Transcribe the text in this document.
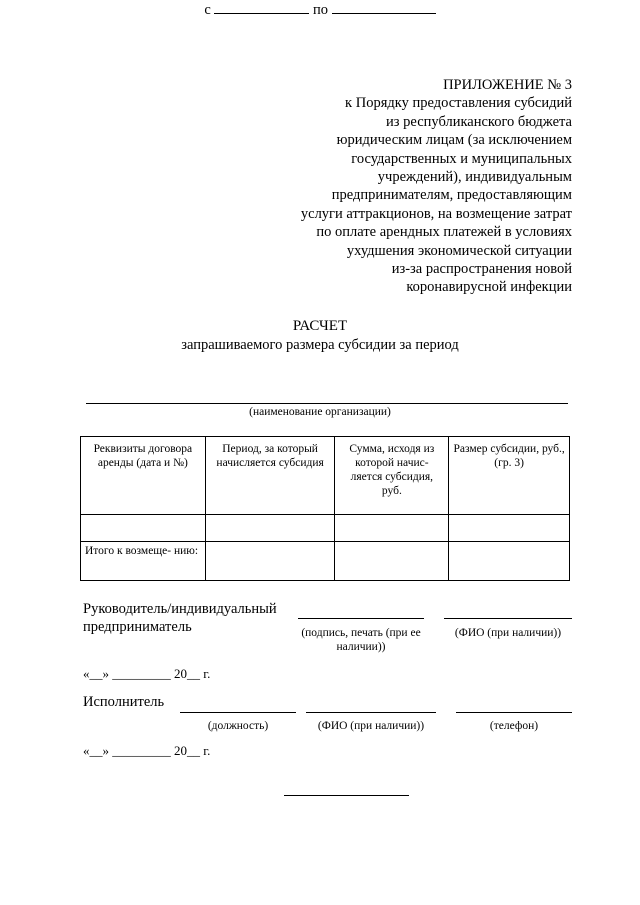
ПРИЛОЖЕНИЕ № 3
к Порядку предоставления субсидий
из республиканского бюджета
юридическим лицам (за исключением
государственных и муниципальных
учреждений), индивидуальным
предпринимателям, предоставляющим
услуги аттракционов, на возмещение затрат
по оплате арендных платежей в условиях
ухудшения экономической ситуации
из-за распространения новой
коронавирусной инфекции
РАСЧЕТ
запрашиваемого размера субсидии за период
с	по
(наименование организации)
Реквизиты договора аренды (дата и №)	Период, за который начисляется субсидия	Сумма, исходя из которой начис- ляется субсидия, руб.	Размер субсидии, руб., (гр. 3)

Итого к возмеще- нию:			
Руководитель/индивидуальный предприниматель	(подпись, печать (при ее наличии))
(ФИО (при наличии))
«__» _________ 20__ г.
Исполнитель
(должность)	(ФИО (при наличии))	(телефон)
«__» _________ 20__ г.
